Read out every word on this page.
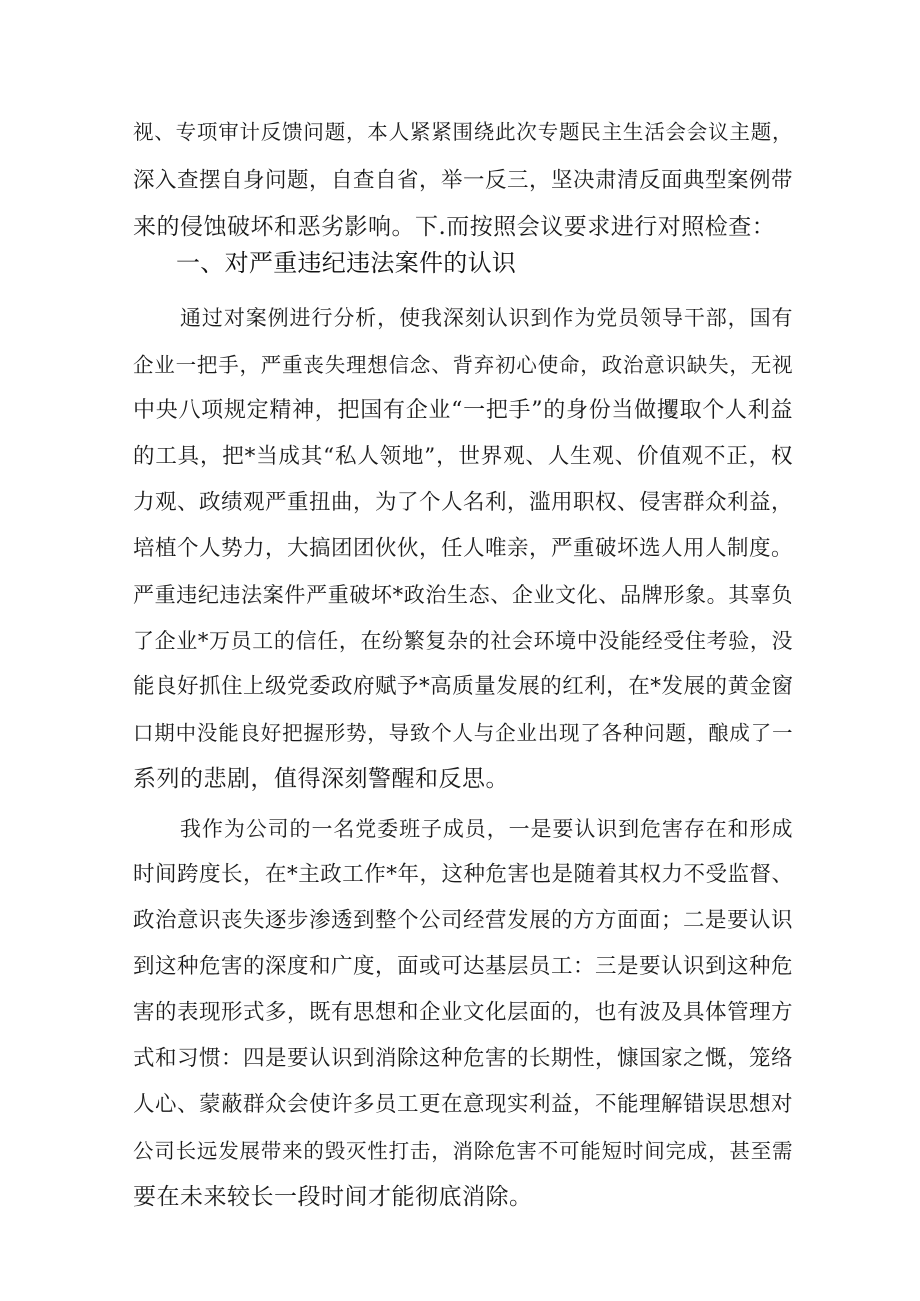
视、专项审计反馈问题，本人紧紧围绕此次专题民主生活会会议主题，
深入查摆自身问题，自查自省，举一反三，坚决肃清反面典型案例带
来的侵蚀破坏和恶劣影响。下.而按照会议要求进行对照检查：
一、对严重违纪违法案件的认识
通过对案例进行分析，使我深刻认识到作为党员领导干部，国有
企业一把手，严重丧失理想信念、背弃初心使命，政治意识缺失，无视
中央八项规定精神，把国有企业“一把手”的身份当做攫取个人利益
的工具，把*当成其“私人领地”，世界观、人生观、价值观不正，权
力观、政绩观严重扭曲，为了个人名利，滥用职权、侵害群众利益，
培植个人势力，大搞团团伙伙，任人唯亲，严重破坏选人用人制度。
严重违纪违法案件严重破坏*政治生态、企业文化、品牌形象。其辜负
了企业*万员工的信任，在纷繁复杂的社会环境中没能经受住考验，没
能良好抓住上级党委政府赋予*高质量发展的红利，在*发展的黄金窗
口期中没能良好把握形势，导致个人与企业出现了各种问题，酿成了一
系列的悲剧，值得深刻警醒和反思。
我作为公司的一名党委班子成员，一是要认识到危害存在和形成
时间跨度长，在*主政工作*年，这种危害也是随着其权力不受监督、
政治意识丧失逐步渗透到整个公司经营发展的方方面面；二是要认识
到这种危害的深度和广度，面或可达基层员工：三是要认识到这种危
害的表现形式多，既有思想和企业文化层面的，也有波及具体管理方
式和习惯：四是要认识到消除这种危害的长期性，慷国家之慨，笼络
人心、蒙蔽群众会使许多员工更在意现实利益，不能理解错误思想对
公司长远发展带来的毁灭性打击，消除危害不可能短时间完成，甚至需
要在未来较长一段时间才能彻底消除。
